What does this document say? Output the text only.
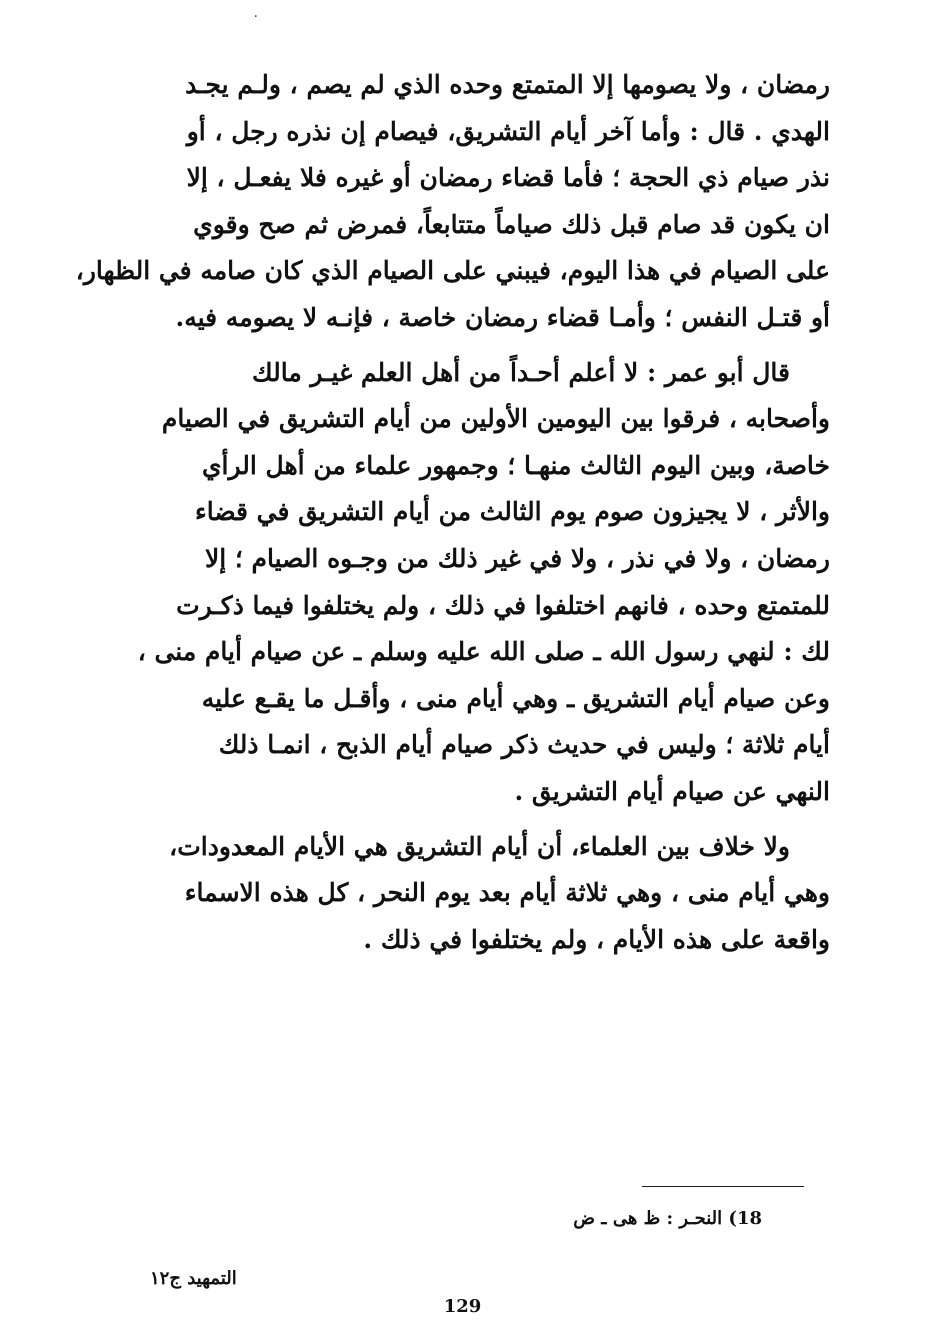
٠
رمضان ، ولا يصومها إلا المتمتع وحده الذي لم يصم ، ولـم يجـد
الهدي . قال : وأما آخر أيام التشريق، فيصام إن نذره رجل ، أو
نذر صيام ذي الحجة ؛ فأما قضاء رمضان أو غيره فلا يفعـل ، إلا
ان يكون قد صام قبل ذلك صياماً متتابعاً، فمرض ثم صح وقوي
على الصيام في هذا اليوم، فيبني على الصيام الذي كان صامه في الظهار،
أو قتـل النفس ؛ وأمـا قضاء رمضان خاصة ، فإنـه لا يصومه فيه.
قال أبو عمر : لا أعلم أحـداً من أهل العلم غيـر مالك
وأصحابه ، فرقوا بين اليومين الأولين من أيام التشريق في الصيام
خاصة، وبين اليوم الثالث منهـا ؛ وجمهور علماء من أهل الرأي
والأثر ، لا يجيزون صوم يوم الثالث من أيام التشريق في قضاء
رمضان ، ولا في نذر ، ولا في غير ذلك من وجـوه الصيام ؛ إلا
للمتمتع وحده ، فانهم اختلفوا في ذلك ، ولم يختلفوا فيما ذكـرت
لك : لنهي رسول الله ـ صلى الله عليه وسلم ـ عن صيام أيام منى ،
وعن صيام أيام التشريق ـ وهي أيام منى ، وأقـل ما يقـع عليه
أيام ثلاثة ؛ وليس في حديث ذكر صيام أيام الذبح ، انمـا ذلك
النهي عن صيام أيام التشريق .
ولا خلاف بين العلماء، أن أيام التشريق هي الأيام المعدودات،
وهي أيام منى ، وهي ثلاثة أيام بعد يوم النحر ، كل هذه الاسماء
واقعة على هذه الأيام ، ولم يختلفوا في ذلك .
18) النحـر : ظ هى ـ ض
التمهيد ج١٢
129
